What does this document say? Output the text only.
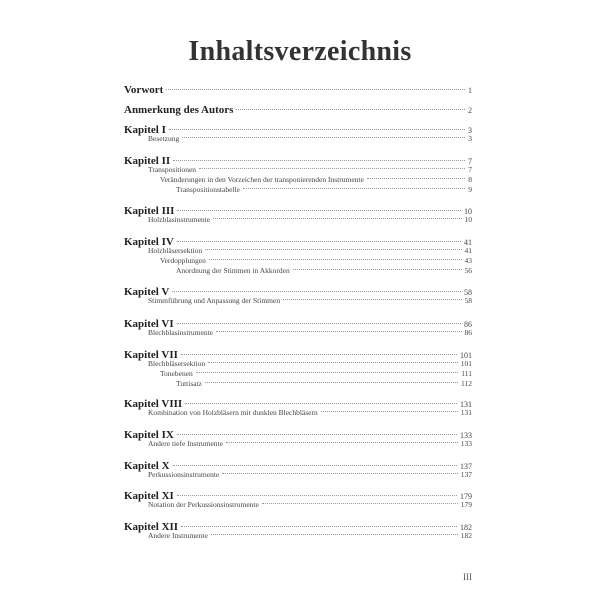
Inhaltsverzeichnis
Vorwort	1
Anmerkung des Autors	2
Kapitel I	3
Besetzung	3
Kapitel II	7
Transpositionen	7
Veränderungen in den Vorzeichen der transponierenden Instrumente	8
Transpositionstabelle	9
Kapitel III	10
Holzblasinstrumente	10
Kapitel IV	41
Holzbläsersektion	41
Verdopplungen	43
Anordnung der Stimmen in Akkorden	56
Kapitel V	58
Stimmführung und Anpassung der Stimmen	58
Kapitel VI	86
Blechblasinstrumente	86
Kapitel VII	101
Blechbläsersektion	101
Tonebenen	111
Tuttisatz	112
Kapitel VIII	131
Kombination von Holzbläsern mit dunklen Blechbläsern	131
Kapitel IX	133
Andere tiefe Instrumente	133
Kapitel X	137
Perkussionsinstrumente	137
Kapitel XI	179
Notation der Perkussionsinstrumente	179
Kapitel XII	182
Andere Instrumente	182
III
